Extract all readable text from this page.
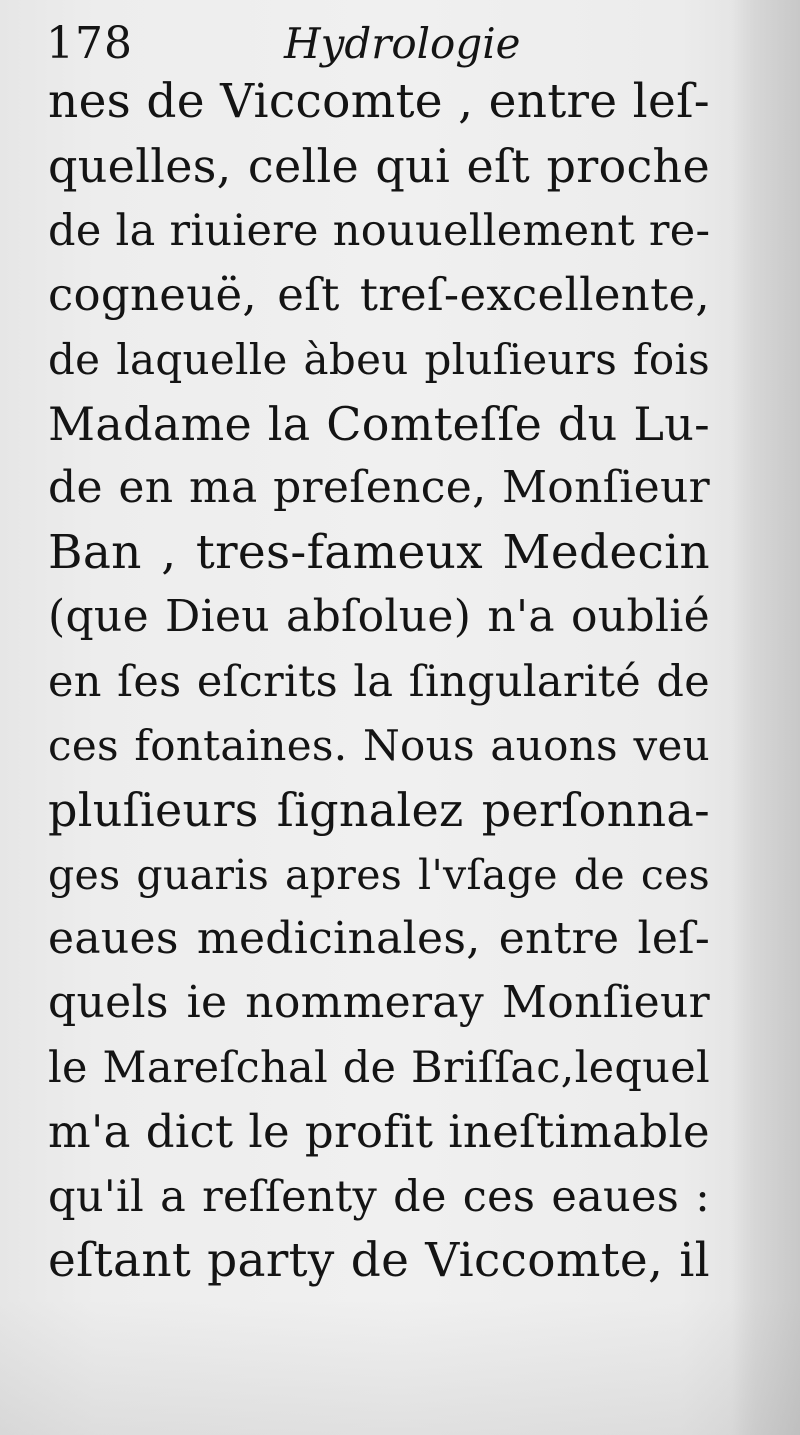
178	Hydrologie
nes de Viccomte , entre leſ-
quelles, celle qui eſt proche
de la riuiere nouuellement re-
cogneuë, eſt treſ-excellente,
de laquelle àbeu pluſieurs fois
Madame la Comteſſe du Lu-
de en ma preſence, Monſieur
Ban , tres-fameux Medecin
(que Dieu abſolue) n'a oublié
en ſes eſcrits la ſingularité de
ces fontaines. Nous auons veu
pluſieurs ſignalez perſonna-
ges guaris apres l'vſage de ces
eaues medicinales, entre leſ-
quels ie nommeray Monſieur
le Mareſchal de Briſſac,lequel
m'a dict le profit ineſtimable
qu'il a reſſenty de ces eaues :
eſtant party de Viccomte, il
